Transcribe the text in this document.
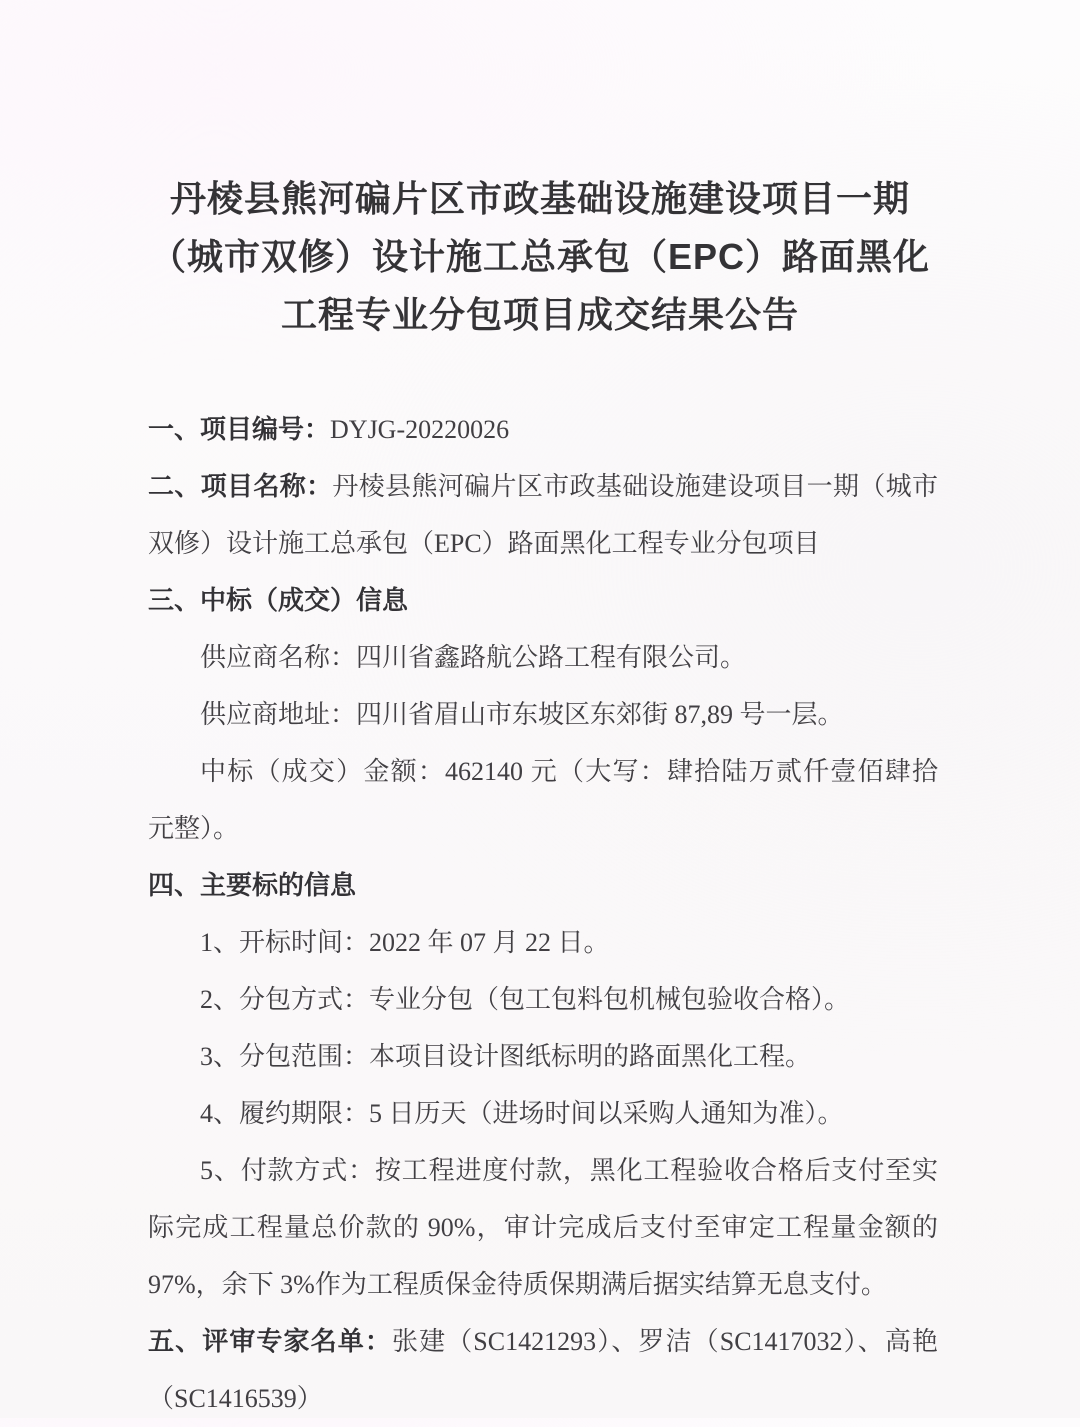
丹棱县熊河碥片区市政基础设施建设项目一期
（城市双修）设计施工总承包（EPC）路面黑化
工程专业分包项目成交结果公告
一、项目编号：DYJG-20220026
二、项目名称：丹棱县熊河碥片区市政基础设施建设项目一期（城市
双修）设计施工总承包（EPC）路面黑化工程专业分包项目
三、中标（成交）信息
供应商名称：四川省鑫路航公路工程有限公司。
供应商地址：四川省眉山市东坡区东郊街 87,89 号一层。
中标（成交）金额：462140 元（大写：肆拾陆万贰仟壹佰肆拾
元整）。
四、主要标的信息
1、开标时间：2022 年 07 月 22 日。
2、分包方式：专业分包（包工包料包机械包验收合格）。
3、分包范围：本项目设计图纸标明的路面黑化工程。
4、履约期限：5 日历天（进场时间以采购人通知为准）。
5、付款方式：按工程进度付款，黑化工程验收合格后支付至实
际完成工程量总价款的 90%，审计完成后支付至审定工程量金额的
97%，余下 3%作为工程质保金待质保期满后据实结算无息支付。
五、评审专家名单：张建（SC1421293）、罗洁（SC1417032）、高艳
（SC1416539）
